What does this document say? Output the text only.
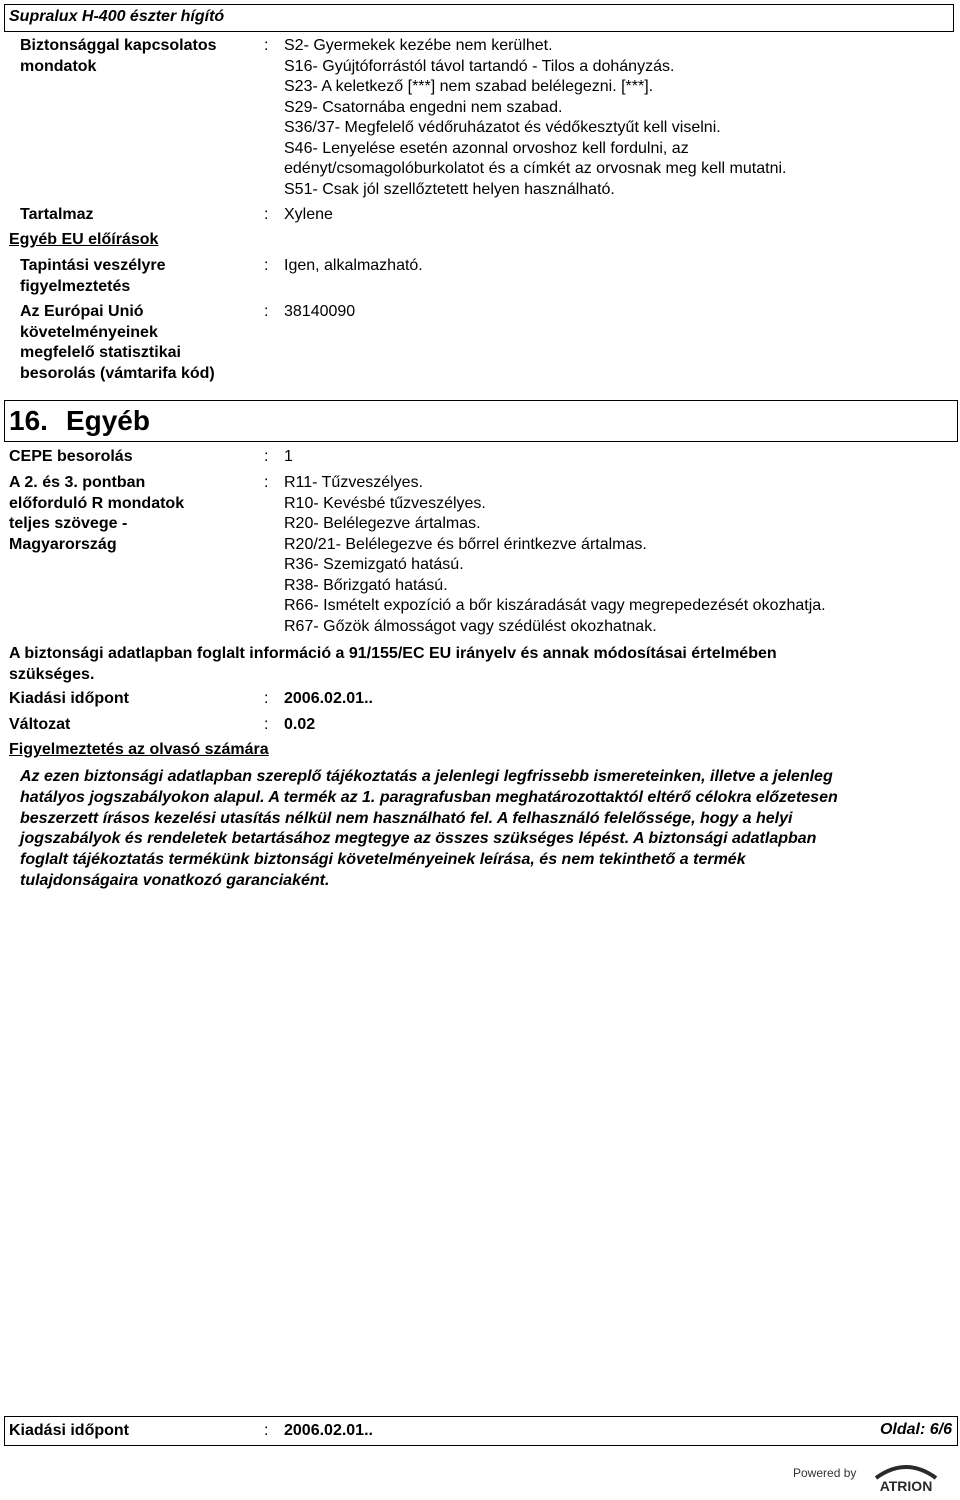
Supralux H-400 észter hígító
Biztonsággal kapcsolatos
mondatok
: S2- Gyermekek kezébe nem kerülhet.
S16- Gyújtóforrástól távol tartandó - Tilos a dohányzás.
S23- A keletkező [***] nem szabad belélegezni. [***].
S29- Csatornába engedni nem szabad.
S36/37- Megfelelő védőruházatot és védőkesztyűt kell viselni.
S46- Lenyelése esetén azonnal orvoshoz kell fordulni, az
edényt/csomagolóburkolatot és a címkét az orvosnak meg kell mutatni.
S51- Csak jól szellőztetett helyen használható.
Tartalmaz	: Xylene
Egyéb EU előírások
Tapintási veszélyre
figyelmeztetés
: Igen, alkalmazható.
Az Európai Unió
követelményeinek
megfelelő statisztikai
besorolás (vámtarifa kód)
: 38140090
16. Egyéb
CEPE besorolás	: 1
A 2. és 3. pontban
előforduló R mondatok
teljes szövege -
Magyarország
: R11- Tűzveszélyes.
R10- Kevésbé tűzveszélyes.
R20- Belélegezve ártalmas.
R20/21- Belélegezve és bőrrel érintkezve ártalmas.
R36- Szemizgató hatású.
R38- Bőrizgató hatású.
R66- Ismételt expozíció a bőr kiszáradását vagy megrepedezését okozhatja.
R67- Gőzök álmosságot vagy szédülést okozhatnak.
A biztonsági adatlapban foglalt információ a 91/155/EC EU irányelv és annak módosításai értelmében
szükséges.
Kiadási időpont	: 2006.02.01..
Változat	: 0.02
Figyelmeztetés az olvasó számára
Az ezen biztonsági adatlapban szereplő tájékoztatás a jelenlegi legfrissebb ismereteinken, illetve a jelenleg
hatályos jogszabályokon alapul. A termék az 1. paragrafusban meghatározottaktól eltérő célokra előzetesen
beszerzett írásos kezelési utasítás nélkül nem használható fel. A felhasználó felelőssége, hogy a helyi
jogszabályok és rendeletek betartásához megtegye az összes szükséges lépést. A biztonsági adatlapban
foglalt tájékoztatás termékünk biztonsági követelményeinek leírása, és nem tekinthető a termék
tulajdonságaira vonatkozó garanciaként.
Kiadási időpont	: 2006.02.01..	Oldal: 6/6
Powered by
ATRION
